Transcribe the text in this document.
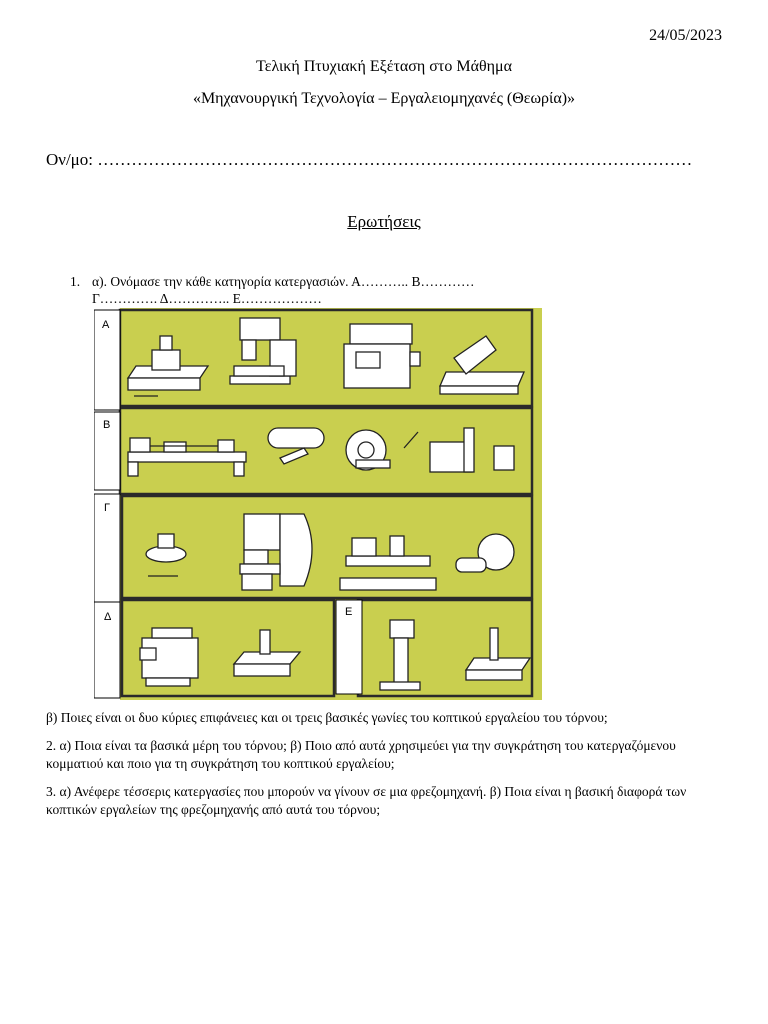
24/05/2023
Τελική Πτυχιακή Εξέταση στο Μάθημα
«Μηχανουργική Τεχνολογία – Εργαλειομηχανές (Θεωρία)»
Ον/μο: ……………………………………………………………………………………………
Ερωτήσεις
1. α). Ονόμασε την κάθε κατηγορία κατεργασιών. Α……….. Β…………
Γ…………. Δ………….. Ε………………
Α
Β
Γ
Δ	Ε
β) Ποιες είναι οι δυο κύριες επιφάνειες και οι τρεις βασικές γωνίες του κοπτικού εργαλείου του τόρνου;
2. α) Ποια είναι τα βασικά μέρη του τόρνου; β) Ποιο από αυτά χρησιμεύει για την συγκράτηση του κατεργαζόμενου κομματιού και ποιο για τη συγκράτηση του κοπτικού εργαλείου;
3. α) Ανέφερε τέσσερις κατεργασίες που μπορούν να γίνουν σε μια φρεζομηχανή. β) Ποια είναι η βασική διαφορά των κοπτικών εργαλείων της φρεζομηχανής από αυτά του τόρνου;
